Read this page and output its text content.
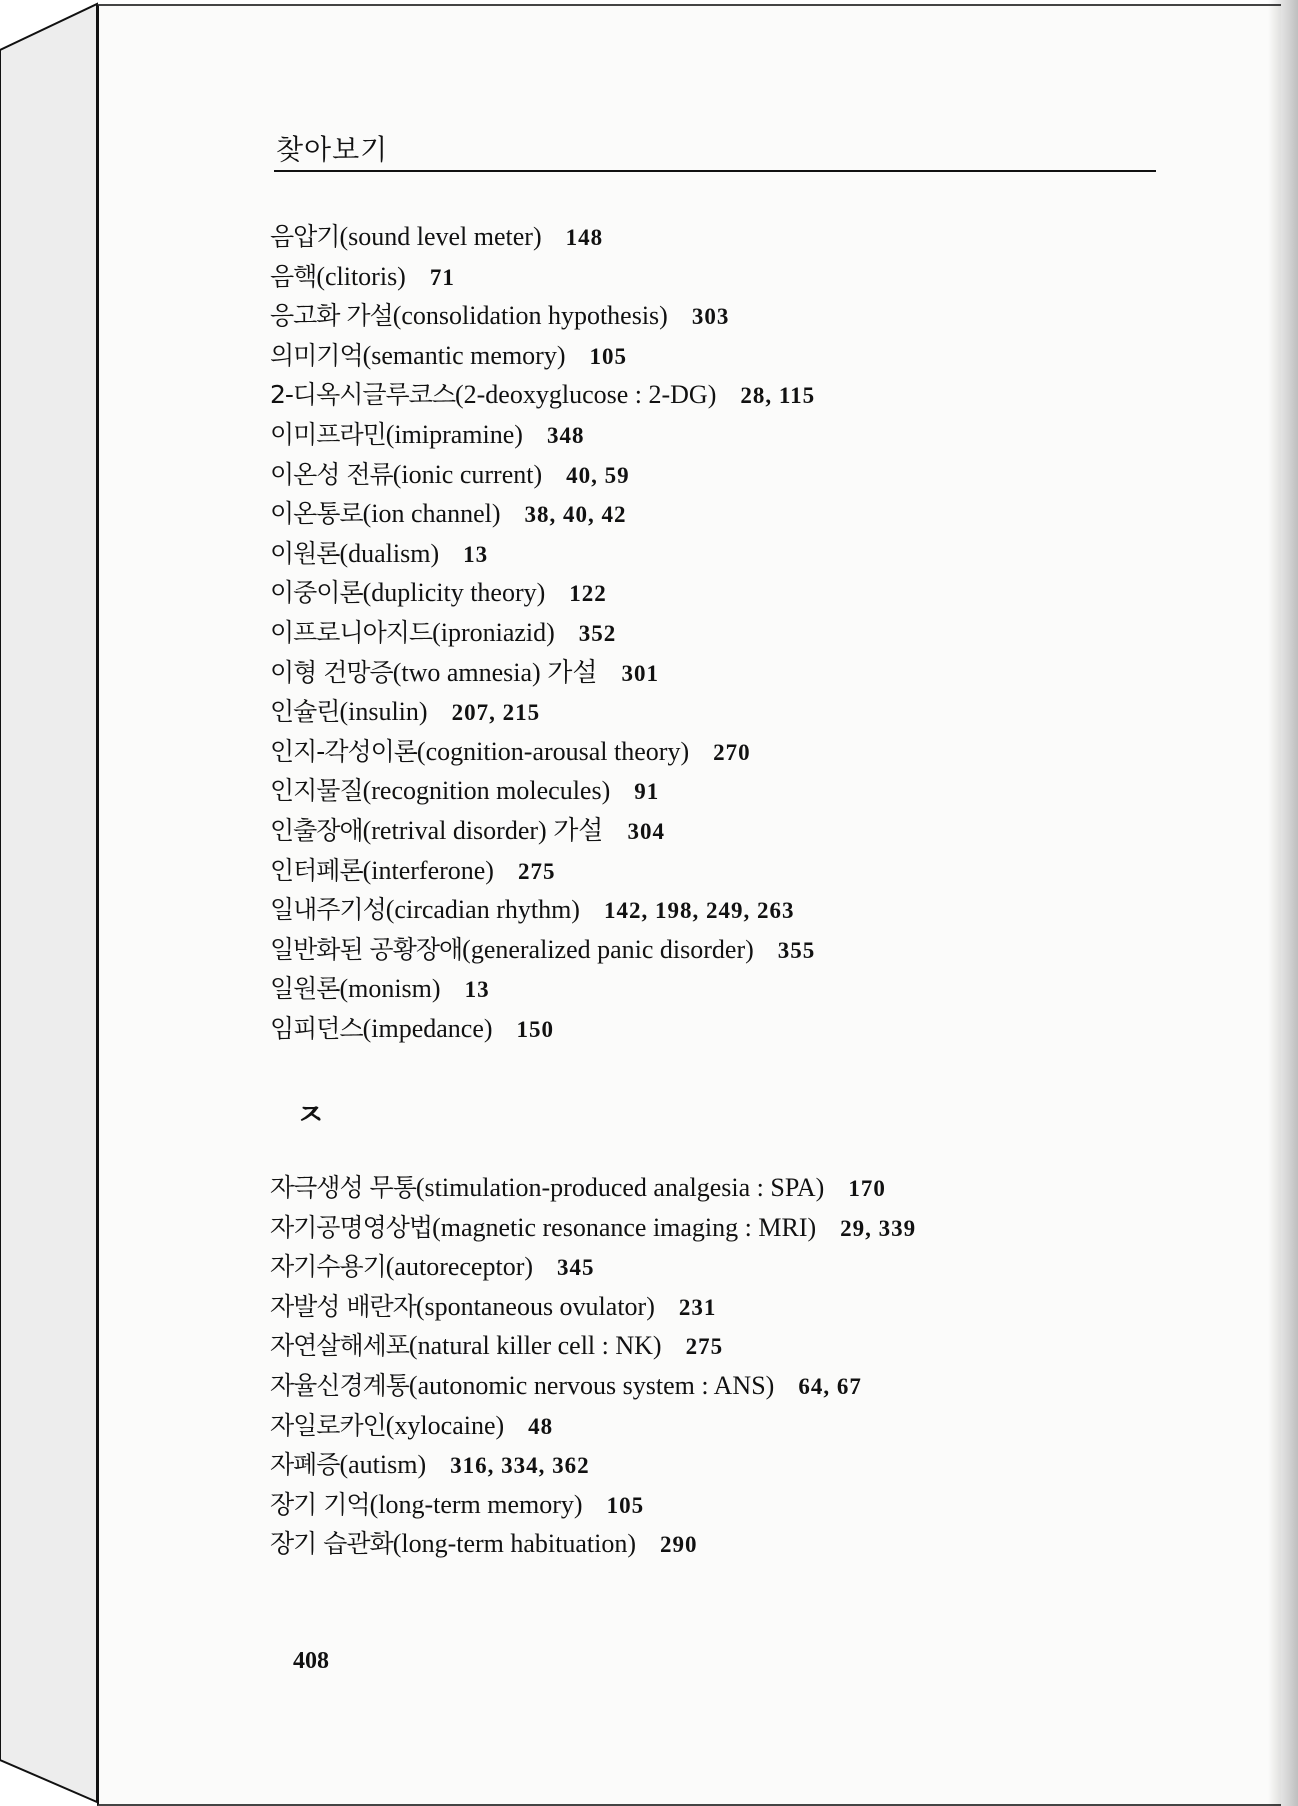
찾아보기
음압기(sound level meter) 148
음핵(clitoris) 71
응고화 가설(consolidation hypothesis) 303
의미기억(semantic memory) 105
2-디옥시글루코스(2-deoxyglucose : 2-DG) 28, 115
이미프라민(imipramine) 348
이온성 전류(ionic current) 40, 59
이온통로(ion channel) 38, 40, 42
이원론(dualism) 13
이중이론(duplicity theory) 122
이프로니아지드(iproniazid) 352
이형 건망증(two amnesia) 가설 301
인슐린(insulin) 207, 215
인지-각성이론(cognition-arousal theory) 270
인지물질(recognition molecules) 91
인출장애(retrival disorder) 가설 304
인터페론(interferone) 275
일내주기성(circadian rhythm) 142, 198, 249, 263
일반화된 공황장애(generalized panic disorder) 355
일원론(monism) 13
임피던스(impedance) 150
ㅈ
자극생성 무통(stimulation-produced analgesia : SPA) 170
자기공명영상법(magnetic resonance imaging : MRI) 29, 339
자기수용기(autoreceptor) 345
자발성 배란자(spontaneous ovulator) 231
자연살해세포(natural killer cell : NK) 275
자율신경계통(autonomic nervous system : ANS) 64, 67
자일로카인(xylocaine) 48
자폐증(autism) 316, 334, 362
장기 기억(long-term memory) 105
장기 습관화(long-term habituation) 290
408
